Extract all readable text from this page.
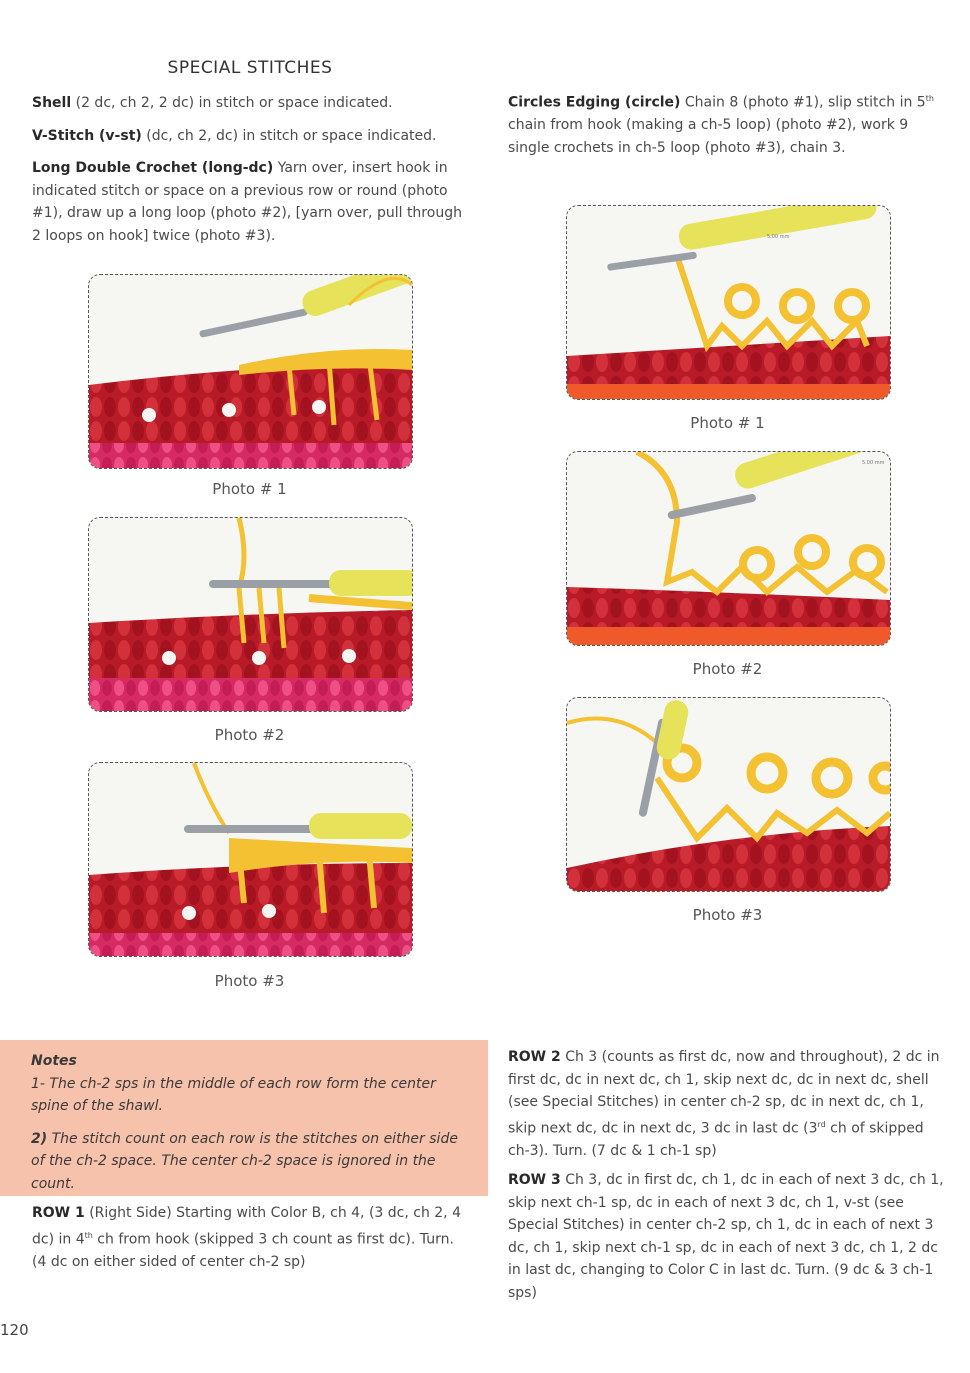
SPECIAL STITCHES

Shell (2 dc, ch 2, 2 dc) in stitch or space indicated.

V-Stitch (v-st) (dc, ch 2, dc) in stitch or space indicated.

Long Double Crochet (long-dc) Yarn over, insert hook in indicated stitch or space on a previous row or round (photo #1), draw up a long loop (photo #2), [yarn over, pull through 2 loops on hook] twice (photo #3).

Circles Edging (circle) Chain 8 (photo #1), slip stitch in 5th chain from hook (making a ch-5 loop) (photo #2), work 9 single crochets in ch-5 loop (photo #3), chain 3.

Photo # 1
Photo #2
Photo #3
5.00 mm
Photo # 1
5.00 mm
Photo #2
Photo #3

Notes

1- The ch-2 sps in the middle of each row form the center spine of the shawl.

2) The stitch count on each row is the stitches on either side of the ch-2 space. The center ch-2 space is ignored in the count.

ROW 1 (Right Side) Starting with Color B, ch 4, (3 dc, ch 2, 4 dc) in 4th ch from hook (skipped 3 ch count as first dc). Turn. (4 dc on either sided of center ch-2 sp)

ROW 2 Ch 3 (counts as first dc, now and throughout), 2 dc in first dc, dc in next dc, ch 1, skip next dc, dc in next dc, shell (see Special Stitches) in center ch-2 sp, dc in next dc, ch 1, skip next dc, dc in next dc, 3 dc in last dc (3rd ch of skipped ch-3). Turn. (7 dc & 1 ch-1 sp)

ROW 3 Ch 3, dc in first dc, ch 1, dc in each of next 3 dc, ch 1, skip next ch-1 sp, dc in each of next 3 dc, ch 1, v-st (see Special Stitches) in center ch-2 sp, ch 1, dc in each of next 3 dc, ch 1, skip next ch-1 sp, dc in each of next 3 dc, ch 1, 2 dc in last dc, changing to Color C in last dc. Turn. (9 dc & 3 ch-1 sps)

120
